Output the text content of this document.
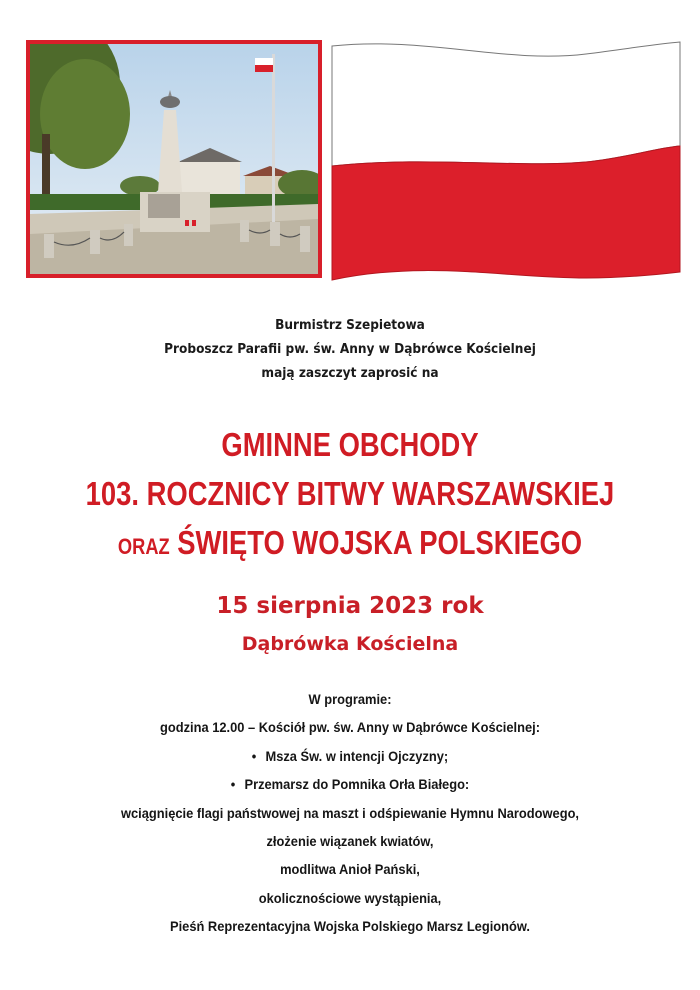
Burmistrz Szepietowa
Proboszcz Parafii pw. św. Anny w Dąbrówce Kościelnej
mają zaszczyt zaprosić na
GMINNE OBCHODY
103. ROCZNICY BITWY WARSZAWSKIEJ
ORAZ ŚWIĘTO WOJSKA POLSKIEGO
15 sierpnia 2023 rok
Dąbrówka Kościelna
W programie:
godzina 12.00 – Kościół pw. św. Anny w Dąbrówce Kościelnej:
• Msza Św. w intencji Ojczyzny;
• Przemarsz do Pomnika Orła Białego:
wciągnięcie flagi państwowej na maszt i odśpiewanie Hymnu Narodowego,
złożenie wiązanek kwiatów,
modlitwa Anioł Pański,
okolicznościowe wystąpienia,
Pieśń Reprezentacyjna Wojska Polskiego Marsz Legionów.
